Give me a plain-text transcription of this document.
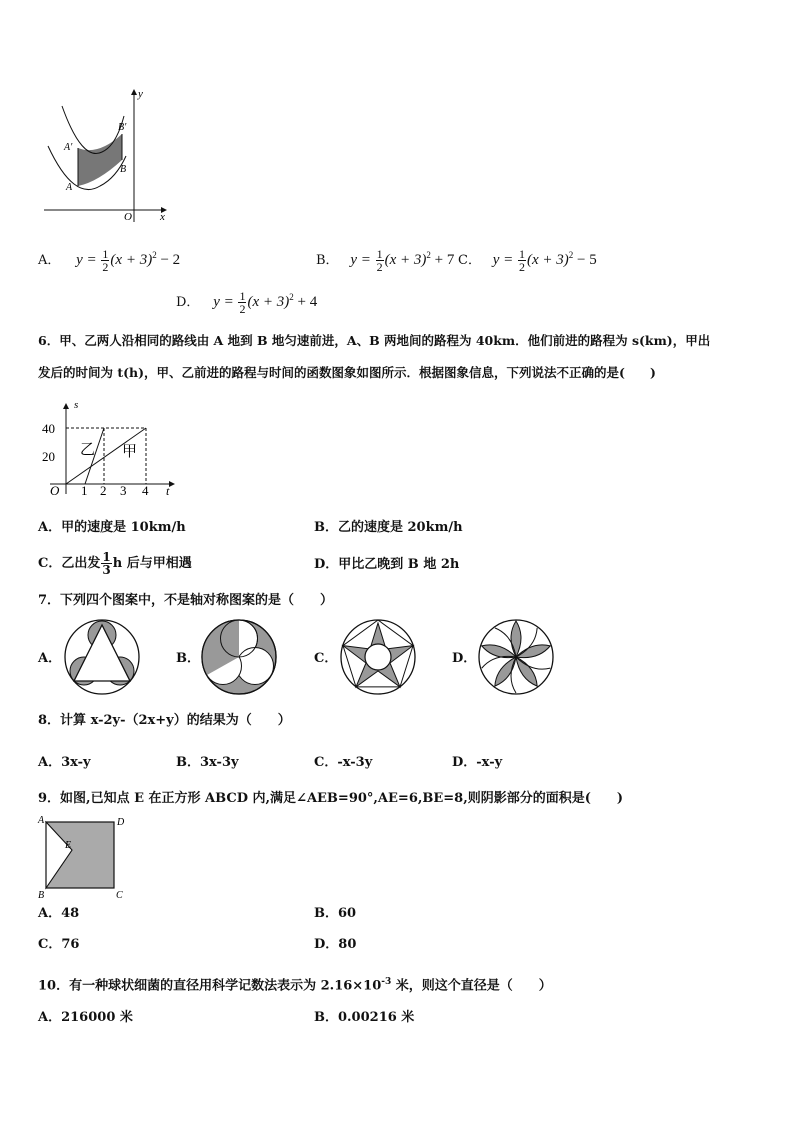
y
x
O
A
A′
B
B′
A． $y = \frac{1}{2} (x + 3)^2 - 2$	B． $y = \frac{1}{2} (x + 3)^2 + 7$ C． $y = \frac{1}{2} (x + 3)^2 - 5$
D． $y = \frac{1}{2} (x + 3)^2 + 4$
6．甲、乙两人沿相同的路线由 A 地到 B 地匀速前进，A、B 两地间的路程为 40km．他们前进的路程为 s(km)，甲出
发后的时间为 t(h)，甲、乙前进的路程与时间的函数图象如图所示．根据图象信息，下列说法不正确的是(　　)
s
t
O
40
20
1 2 3 4
乙 甲
A．甲的速度是 10km/h	B．乙的速度是 20km/h
C．乙出发 $\frac{1}{3}$ h 后与甲相遇	D．甲比乙晚到 B 地 2h
7．下列四个图案中，不是轴对称图案的是（　　）
A．	B．	C．	D．
8．计算 x-2y-（2x+y）的结果为（　　）
A．3x-y	B．3x-3y	C．-x-3y	D．-x-y
9．如图,已知点 E 在正方形 ABCD 内,满足∠AEB=90°,AE=6,BE=8,则阴影部分的面积是(　　)
A
B	C
D
E
A．48	B．60
C．76	D．80
10．有一种球状细菌的直径用科学记数法表示为 $2.16\times 10^{-3}$ 米，则这个直径是（　　）
A．216000 米	B．0.00216 米
